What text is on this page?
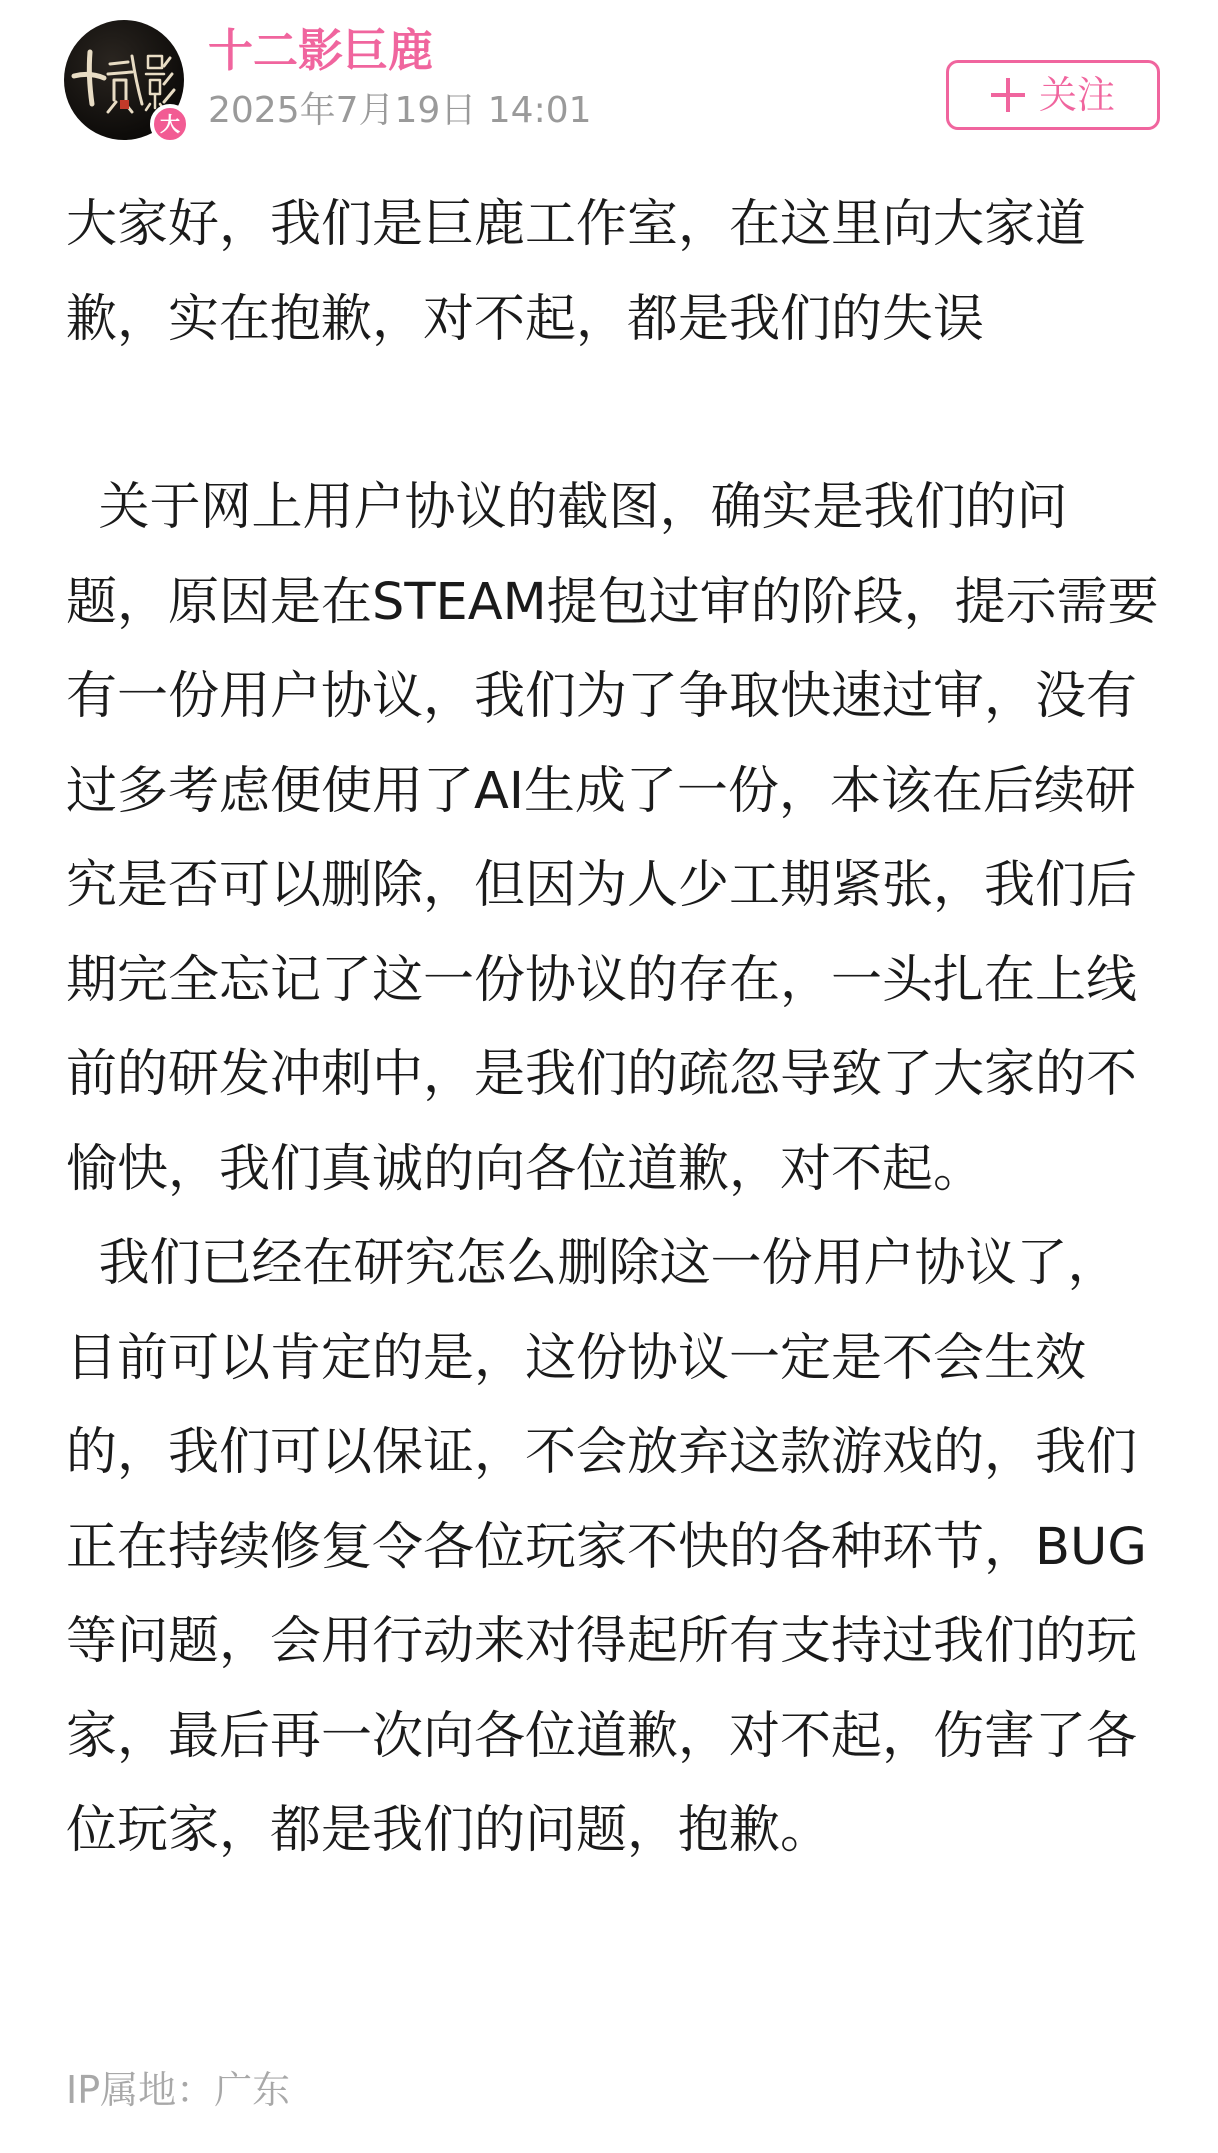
大
十二影巨鹿
2025年7月19日 14:01	关注

大家好，我们是巨鹿工作室，在这里向大家道歉，实在抱歉，对不起，都是我们的失误

关于网上用户协议的截图，确实是我们的问题，原因是在STEAM提包过审的阶段，提示需要有一份用户协议，我们为了争取快速过审，没有过多考虑便使用了AI生成了一份，本该在后续研究是否可以删除，但因为人少工期紧张，我们后期完全忘记了这一份协议的存在，一头扎在上线前的研发冲刺中，是我们的疏忽导致了大家的不愉快，我们真诚的向各位道歉，对不起。

我们已经在研究怎么删除这一份用户协议了，目前可以肯定的是，这份协议一定是不会生效的，我们可以保证，不会放弃这款游戏的，我们正在持续修复令各位玩家不快的各种环节，BUG等问题，会用行动来对得起所有支持过我们的玩家，最后再一次向各位道歉，对不起，伤害了各位玩家，都是我们的问题，抱歉。

IP属地：广东
